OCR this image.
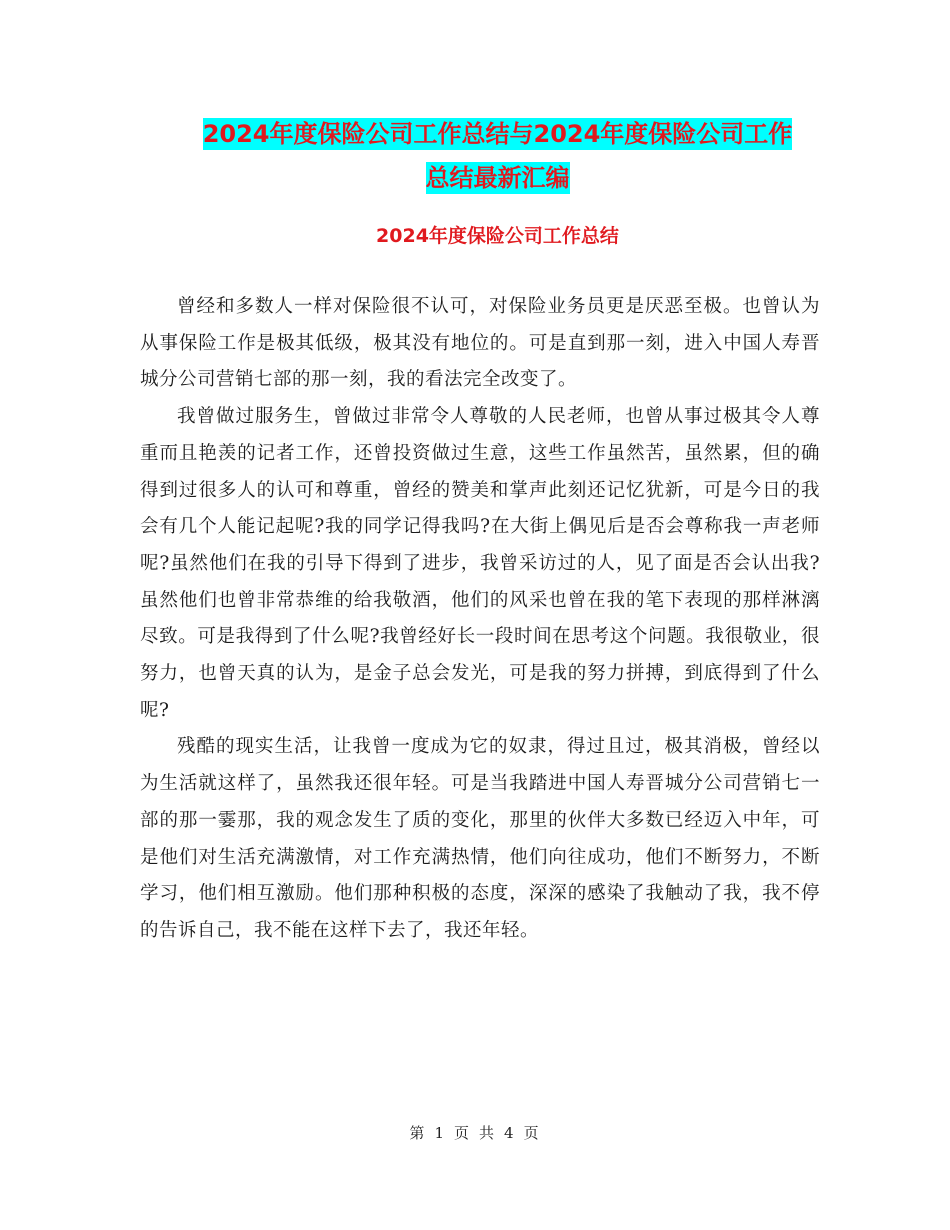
2024年度保险公司工作总结与2024年度保险公司工作
总结最新汇编
2024年度保险公司工作总结

曾经和多数人一样对保险很不认可，对保险业务员更是厌恶至极。也曾认为从事保险工作是极其低级，极其没有地位的。可是直到那一刻，进入中国人寿晋城分公司营销七部的那一刻，我的看法完全改变了。

我曾做过服务生，曾做过非常令人尊敬的人民老师，也曾从事过极其令人尊重而且艳羡的记者工作，还曾投资做过生意，这些工作虽然苦，虽然累，但的确得到过很多人的认可和尊重，曾经的赞美和掌声此刻还记忆犹新，可是今日的我会有几个人能记起呢?我的同学记得我吗?在大街上偶见后是否会尊称我一声老师呢?虽然他们在我的引导下得到了进步，我曾采访过的人，见了面是否会认出我?虽然他们也曾非常恭维的给我敬酒，他们的风采也曾在我的笔下表现的那样淋漓尽致。可是我得到了什么呢?我曾经好长一段时间在思考这个问题。我很敬业，很努力，也曾天真的认为，是金子总会发光，可是我的努力拼搏，到底得到了什么呢?

残酷的现实生活，让我曾一度成为它的奴隶，得过且过，极其消极，曾经以为生活就这样了，虽然我还很年轻。可是当我踏进中国人寿晋城分公司营销七一部的那一霎那，我的观念发生了质的变化，那里的伙伴大多数已经迈入中年，可是他们对生活充满激情，对工作充满热情，他们向往成功，他们不断努力，不断学习，他们相互激励。他们那种积极的态度，深深的感染了我触动了我，我不停的告诉自己，我不能在这样下去了，我还年轻。

第 1 页 共 4 页
